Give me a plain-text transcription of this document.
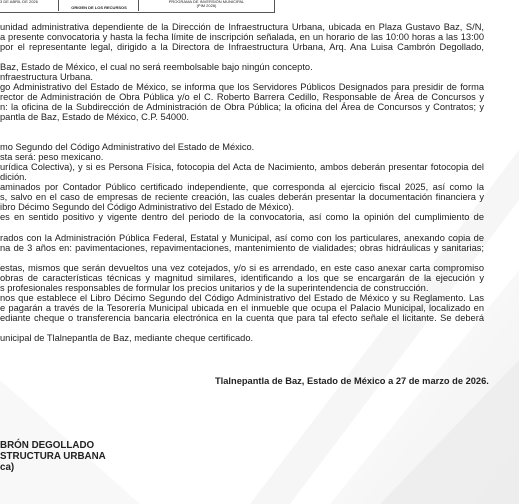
3 DE ABRIL DE 2026
ORIGEN DE LOS RECURSOS
PROGRAMA DE INVERSIÓN MUNICIPAL
(PIM 2026)
unidad administrativa dependiente de la Dirección de Infraestructura Urbana, ubicada en Plaza Gustavo Baz, S/N,
a presente convocatoria y hasta la fecha límite de inscripción señalada, en un horario de las 10:00 horas a las 13:00
por el representante legal, dirigido a la Directora de Infraestructura Urbana, Arq. Ana Luisa Cambrón Degollado,
Baz, Estado de México, el cual no será reembolsable bajo ningún concepto.
nfraestructura Urbana.
go Administrativo del Estado de México, se informa que los Servidores Públicos Designados para presidir de forma
rector de Administración de Obra Pública y/o el C. Roberto Barrera Cedillo, Responsable de Área de Concursos y
n: la oficina de la Subdirección de Administración de Obra Pública; la oficina del Área de Concursos y Contratos; y
pantla de Baz, Estado de México, C.P. 54000.
mo Segundo del Código Administrativo del Estado de México.
sta será: peso mexicano.
urídica Colectiva), y si es Persona Física, fotocopia del Acta de Nacimiento, ambos deberán presentar fotocopia del
dición.
aminados por Contador Público certificado independiente, que corresponda al ejercicio fiscal 2025, así como la
s, salvo en el caso de empresas de reciente creación, las cuales deberán presentar la documentación financiera y
ibro Décimo Segundo del Código Administrativo del Estado de México).
es en sentido positivo y vigente dentro del periodo de la convocatoria, así como la opinión del cumplimiento de
rados con la Administración Pública Federal, Estatal y Municipal, así como con los particulares, anexando copia de
na de 3 años en: pavimentaciones, repavimentaciones, mantenimiento de vialidades; obras hidráulicas y sanitarias;
estas, mismos que serán devueltos una vez cotejados, y/o si es arrendado, en este caso anexar carta compromiso
obras de características técnicas y magnitud similares, identificando a los que se encargarán de la ejecución y
s profesionales responsables de formular los precios unitarios y de la superintendencia de construcción.
nos que establece el Libro Décimo Segundo del Código Administrativo del Estado de México y su Reglamento. Las
e pagarán a través de la Tesorería Municipal ubicada en el inmueble que ocupa el Palacio Municipal, localizado en
ediante cheque o transferencia bancaria electrónica en la cuenta que para tal efecto señale el licitante. Se deberá
unicipal de Tlalnepantla de Baz, mediante cheque certificado.
Tlalnepantla de Baz, Estado de México a 27 de marzo de 2026.
BRÓN DEGOLLADO
STRUCTURA URBANA
ca)
